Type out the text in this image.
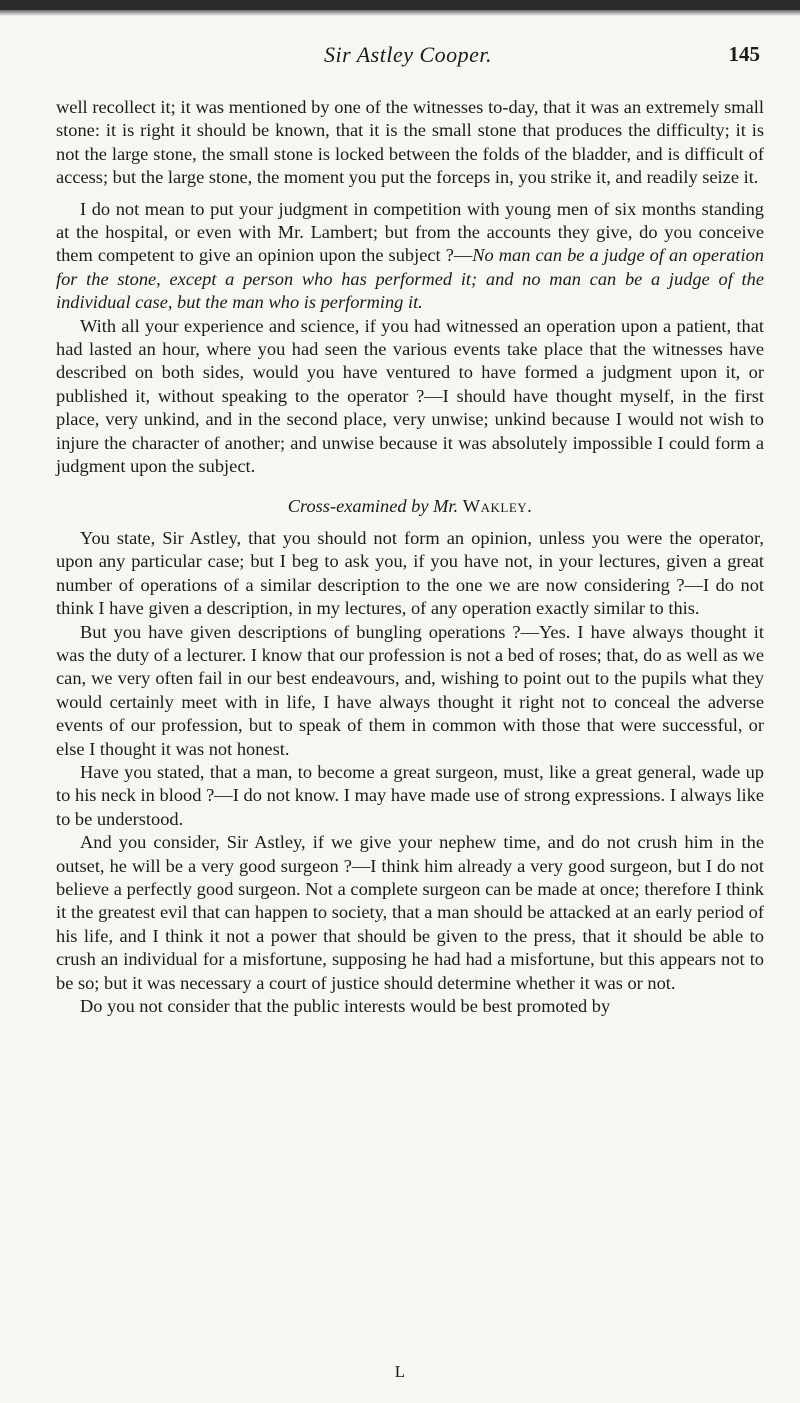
Sir Astley Cooper.	145

well recollect it; it was mentioned by one of the witnesses to-day, that it was an extremely small stone: it is right it should be known, that it is the small stone that produces the difficulty; it is not the large stone, the small stone is locked between the folds of the bladder, and is difficult of access; but the large stone, the moment you put the forceps in, you strike it, and readily seize it.

I do not mean to put your judgment in competition with young men of six months standing at the hospital, or even with Mr. Lambert; but from the accounts they give, do you conceive them competent to give an opinion upon the subject ?—No man can be a judge of an operation for the stone, except a person who has performed it; and no man can be a judge of the individual case, but the man who is performing it.

With all your experience and science, if you had witnessed an operation upon a patient, that had lasted an hour, where you had seen the various events take place that the witnesses have described on both sides, would you have ventured to have formed a judgment upon it, or published it, without speaking to the operator ?—I should have thought myself, in the first place, very unkind, and in the second place, very unwise; unkind because I would not wish to injure the character of another; and unwise because it was absolutely impossible I could form a judgment upon the subject.

Cross-examined by Mr. Wakley.

You state, Sir Astley, that you should not form an opinion, unless you were the operator, upon any particular case; but I beg to ask you, if you have not, in your lectures, given a great number of operations of a similar description to the one we are now considering ?—I do not think I have given a description, in my lectures, of any operation exactly similar to this.

But you have given descriptions of bungling operations ?—Yes. I have always thought it was the duty of a lecturer. I know that our profession is not a bed of roses; that, do as well as we can, we very often fail in our best endeavours, and, wishing to point out to the pupils what they would certainly meet with in life, I have always thought it right not to conceal the adverse events of our profession, but to speak of them in common with those that were successful, or else I thought it was not honest.

Have you stated, that a man, to become a great surgeon, must, like a great general, wade up to his neck in blood ?—I do not know. I may have made use of strong expressions. I always like to be understood.

And you consider, Sir Astley, if we give your nephew time, and do not crush him in the outset, he will be a very good surgeon ?—I think him already a very good surgeon, but I do not believe a perfectly good surgeon. Not a complete surgeon can be made at once; therefore I think it the greatest evil that can happen to society, that a man should be attacked at an early period of his life, and I think it not a power that should be given to the press, that it should be able to crush an individual for a misfortune, supposing he had had a misfortune, but this appears not to be so; but it was necessary a court of justice should determine whether it was or not.

Do you not consider that the public interests would be best promoted by

L
